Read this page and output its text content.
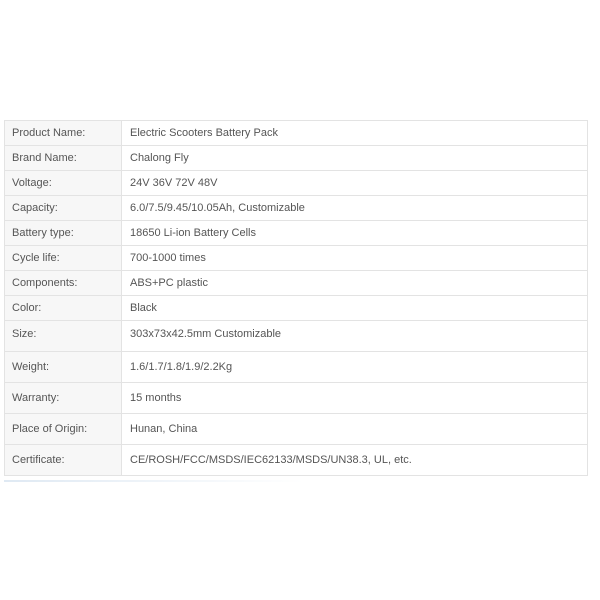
Product Name:	Electric Scooters Battery Pack
Brand Name:	Chalong Fly
Voltage:	24V 36V 72V 48V
Capacity:	6.0/7.5/9.45/10.05Ah, Customizable
Battery type:	18650 Li-ion Battery Cells
Cycle life:	700-1000 times
Components:	ABS+PC plastic
Color:	Black
Size:	303x73x42.5mm Customizable
Weight:	1.6/1.7/1.8/1.9/2.2Kg
Warranty:	15 months
Place of Origin:	Hunan, China
Certificate:	CE/ROSH/FCC/MSDS/IEC62133/MSDS/UN38.3, UL, etc.
